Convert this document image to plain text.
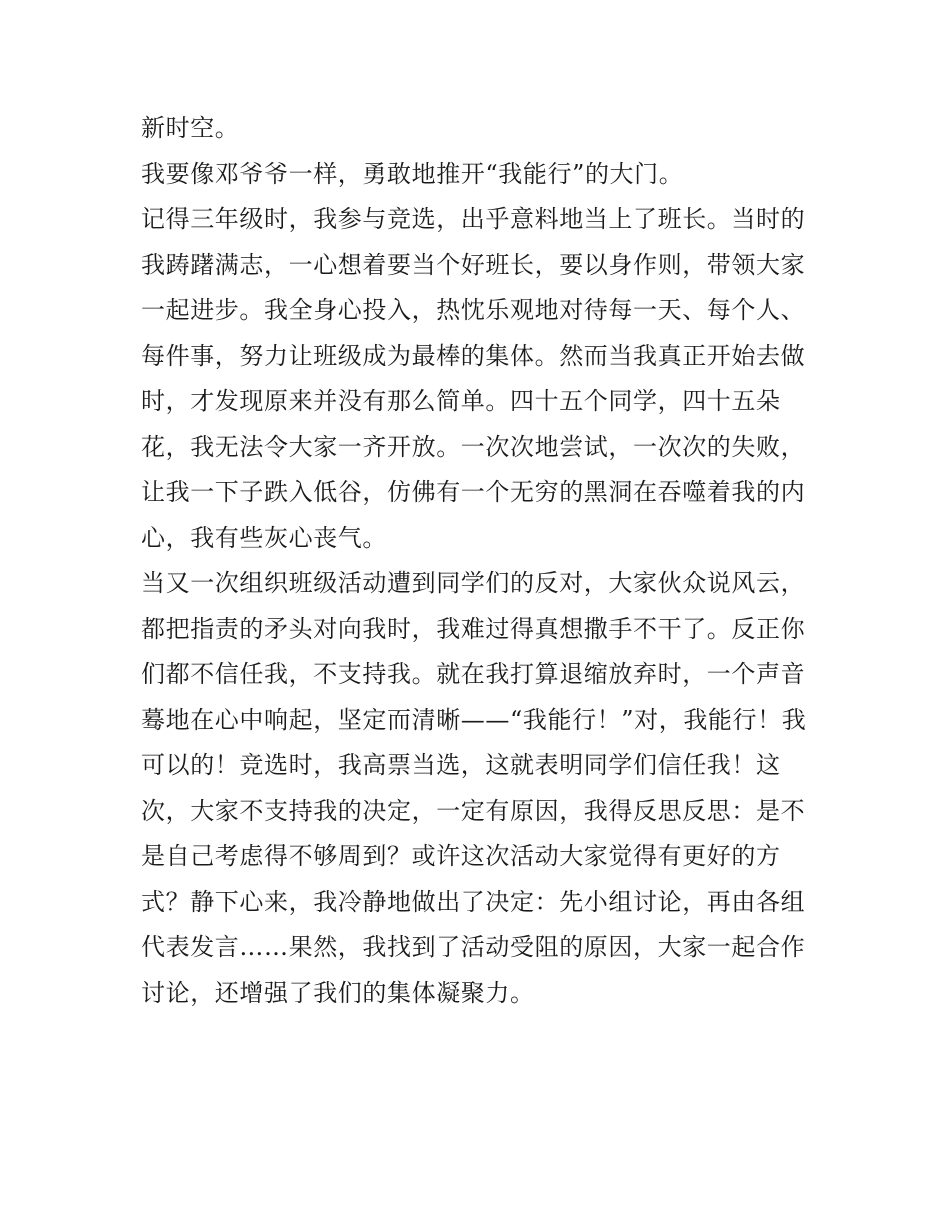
新时空。
我要像邓爷爷一样，勇敢地推开“我能行”的大门。
记得三年级时，我参与竞选，出乎意料地当上了班长。当时的
我踌躇满志，一心想着要当个好班长，要以身作则，带领大家
一起进步。我全身心投入，热忱乐观地对待每一天、每个人、
每件事，努力让班级成为最棒的集体。然而当我真正开始去做
时，才发现原来并没有那么简单。四十五个同学，四十五朵
花，我无法令大家一齐开放。一次次地尝试，一次次的失败，
让我一下子跌入低谷，仿佛有一个无穷的黑洞在吞噬着我的内
心，我有些灰心丧气。
当又一次组织班级活动遭到同学们的反对，大家伙众说风云，
都把指责的矛头对向我时，我难过得真想撒手不干了。反正你
们都不信任我，不支持我。就在我打算退缩放弃时，一个声音
蓦地在心中响起，坚定而清晰——“我能行！”对，我能行！我
可以的！竞选时，我高票当选，这就表明同学们信任我！这
次，大家不支持我的决定，一定有原因，我得反思反思：是不
是自己考虑得不够周到？或许这次活动大家觉得有更好的方
式？静下心来，我冷静地做出了决定：先小组讨论，再由各组
代表发言……果然，我找到了活动受阻的原因，大家一起合作
讨论，还增强了我们的集体凝聚力。
